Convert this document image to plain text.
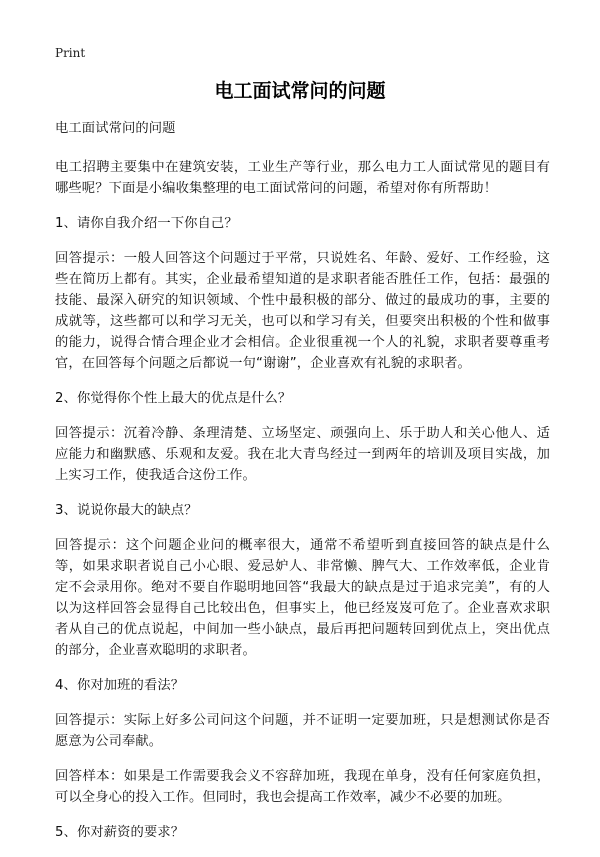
Print
电工面试常问的问题

电工面试常问的问题

电工招聘主要集中在建筑安装，工业生产等行业，那么电力工人面试常见的题目有哪些呢？下面是小编收集整理的电工面试常问的问题，希望对你有所帮助！

1、请你自我介绍一下你自己？

回答提示：一般人回答这个问题过于平常，只说姓名、年龄、爱好、工作经验，这些在简历上都有。其实，企业最希望知道的是求职者能否胜任工作，包括：最强的技能、最深入研究的知识领域、个性中最积极的部分、做过的最成功的事，主要的成就等，这些都可以和学习无关，也可以和学习有关，但要突出积极的个性和做事的能力，说得合情合理企业才会相信。企业很重视一个人的礼貌，求职者要尊重考官，在回答每个问题之后都说一句“谢谢”，企业喜欢有礼貌的求职者。

2、你觉得你个性上最大的优点是什么？

回答提示：沉着冷静、条理清楚、立场坚定、顽强向上、乐于助人和关心他人、适应能力和幽默感、乐观和友爱。我在北大青鸟经过一到两年的培训及项目实战，加上实习工作，使我适合这份工作。

3、说说你最大的缺点？

回答提示：这个问题企业问的概率很大，通常不希望听到直接回答的缺点是什么等，如果求职者说自己小心眼、爱忌妒人、非常懒、脾气大、工作效率低，企业肯定不会录用你。绝对不要自作聪明地回答“我最大的缺点是过于追求完美”，有的人以为这样回答会显得自己比较出色，但事实上，他已经岌岌可危了。企业喜欢求职者从自己的优点说起，中间加一些小缺点，最后再把问题转回到优点上，突出优点的部分，企业喜欢聪明的求职者。

4、你对加班的看法？

回答提示：实际上好多公司问这个问题，并不证明一定要加班，只是想测试你是否愿意为公司奉献。

回答样本：如果是工作需要我会义不容辞加班，我现在单身，没有任何家庭负担，可以全身心的投入工作。但同时，我也会提高工作效率，减少不必要的加班。

5、你对薪资的要求？
